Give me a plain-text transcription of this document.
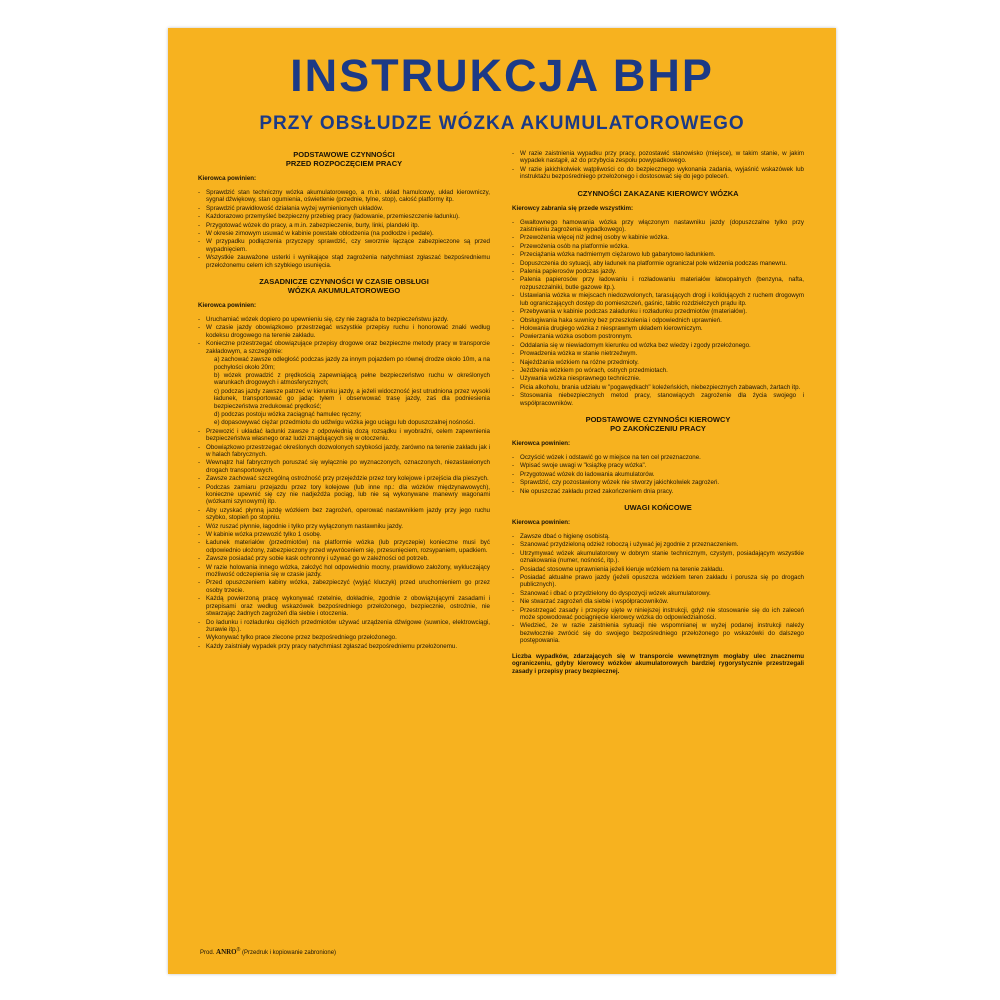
INSTRUKCJA BHP
PRZY OBSŁUDZE WÓZKA AKUMULATOROWEGO
PODSTAWOWE CZYNNOŚCI
PRZED ROZPOCZĘCIEM PRACY
Kierowca powinien:
- Sprawdzić stan techniczny wózka akumulatorowego, a m.in. układ hamulcowy, układ kierowniczy, sygnał dźwiękowy, stan ogumienia, oświetlenie (przednie, tylne, stop), całość platformy itp.
- Sprawdzić prawidłowość działania wyżej wymienionych układów.
- Każdorazowo przemyśleć bezpieczny przebieg pracy (ładowanie, przemieszczenie ładunku).
- Przygotować wózek do pracy, a m.in. zabezpieczenie, burty, linki, plandeki itp.
- W okresie zimowym usuwać w kabinie powstałe oblodzenia (na podłodze i pedale).
- W przypadku podłączenia przyczepy sprawdzić, czy sworznie łączące zabezpieczone są przed wypadnięciem.
- Wszystkie zauważone usterki i wynikające stąd zagrożenia natychmiast zgłaszać bezpośredniemu przełożonemu celem ich szybkiego usunięcia.
ZASADNICZE CZYNNOŚCI W CZASIE OBSŁUGI
WÓZKA AKUMULATOROWEGO
Kierowca powinien:
- Uruchamiać wózek dopiero po upewnieniu się, czy nie zagraża to bezpieczeństwu jazdy.
- W czasie jazdy obowiązkowo przestrzegać wszystkie przepisy ruchu i honorować znaki według kodeksu drogowego na terenie zakładu.
- Konieczne przestrzegać obowiązujące przepisy drogowe oraz bezpieczne metody pracy w transporcie zakładowym, a szczególnie:
a) zachować zawsze odległość podczas jazdy za innym pojazdem po równej drodze około 10m, a na pochyłości około 20m;
b) wózek prowadzić z prędkością zapewniającą pełne bezpieczeństwo ruchu w określonych warunkach drogowych i atmosferycznych;
c) podczas jazdy zawsze patrzeć w kierunku jazdy, a jeżeli widoczność jest utrudniona przez wysoki ładunek, transportować go jadąc tyłem i obserwować trasę jazdy, zaś dla podniesienia bezpieczeństwa zredukować prędkość;
d) podczas postoju wózka zaciągnąć hamulec ręczny;
e) dopasowywać ciężar przedmiotu do udźwigu wózka jego uciągu lub dopuszczalnej nośności.
- Przewozić i układać ładunki zawsze z odpowiednią dozą rozsądku i wyobraźni, celem zapewnienia bezpieczeństwa własnego oraz ludzi znajdujących się w otoczeniu.
- Obowiązkowo przestrzegać określonych dozwolonych szybkości jazdy, zarówno na terenie zakładu jak i w halach fabrycznych.
- Wewnątrz hal fabrycznych poruszać się wyłącznie po wyznaczonych, oznaczonych, niezastawionych drogach transportowych.
- Zawsze zachować szczególną ostrożność przy przejeździe przez tory kolejowe i przejścia dla pieszych.
- Podczas zamiaru przejazdu przez tory kolejowe (lub inne np.: dla wózków międzynawowych), konieczne upewnić się czy nie nadjeżdża pociąg, lub nie są wykonywane manewry wagonami (wózkami szynowymi) itp.
- Aby uzyskać płynną jazdę wózkiem bez zagrożeń, operować nastawnikiem jazdy przy jego ruchu szybko, stopień po stopniu.
- Wóz ruszać płynnie, łagodnie i tylko przy wyłączonym nastawniku jazdy.
- W kabinie wózka przewozić tylko 1 osobę.
- Ładunek materiałów (przedmiotów) na platformie wózka (lub przyczepie) konieczne musi być odpowiednio ułożony, zabezpieczony przed wywróceniem się, przesunięciem, rozsypaniem, upadkiem.
- Zawsze posiadać przy sobie kask ochronny i używać go w zależności od potrzeb.
- W razie holowania innego wózka, założyć hol odpowiednio mocny, prawidłowo założony, wykluczający możliwość odczepienia się w czasie jazdy.
- Przed opuszczeniem kabiny wózka, zabezpieczyć (wyjąć kluczyk) przed uruchomieniem go przez osoby trzecie.
- Każdą powierzoną pracę wykonywać rzetelnie, dokładnie, zgodnie z obowiązującymi zasadami i przepisami oraz według wskazówek bezpośredniego przełożonego, bezpiecznie, ostrożnie, nie stwarzając żadnych zagrożeń dla siebie i otoczenia.
- Do ładunku i rozładunku ciężkich przedmiotów używać urządzenia dźwigowe (suwnice, elektrowciągi, żurawie itp.).
- Wykonywać tylko prace zlecone przez bezpośredniego przełożonego.
- Każdy zaistniały wypadek przy pracy natychmiast zgłaszać bezpośredniemu przełożonemu.
- W razie zaistnienia wypadku przy pracy, pozostawić stanowisko (miejsce), w takim stanie, w jakim wypadek nastąpił, aż do przybycia zespołu powypadkowego.
- W razie jakichkolwiek wątpliwości co do bezpiecznego wykonania zadania, wyjaśnić wskazówek lub instruktażu bezpośredniego przełożonego i dostosować się do jego poleceń.
CZYNNOŚCI ZAKAZANE KIEROWCY WÓZKA
Kierowcy zabrania się przede wszystkim:
- Gwałtownego hamowania wózka przy włączonym nastawniku jazdy (dopuszczalne tylko przy zaistnieniu zagrożenia wypadkowego).
- Przewożenia więcej niż jednej osoby w kabinie wózka.
- Przewożenia osób na platformie wózka.
- Przeciążania wózka nadmiernym ciężarowo lub gabarytowo ładunkiem.
- Dopuszczenia do sytuacji, aby ładunek na platformie ograniczał pole widzenia podczas manewru.
- Palenia papierosów podczas jazdy.
- Palenia papierosów przy ładowaniu i rozładowaniu materiałów łatwopalnych (benzyna, nafta, rozpuszczalniki, butle gazowe itp.).
- Ustawiania wózka w miejscach niedozwolonych, tarasujących drogi i kolidujących z ruchem drogowym lub ograniczających dostęp do pomieszczeń, gaśnic, tablic rozdzielczych prądu itp.
- Przebywania w kabinie podczas załadunku i rozładunku przedmiotów (materiałów).
- Obsługiwania haka suwnicy bez przeszkolenia i odpowiednich uprawnień.
- Holowania drugiego wózka z niesprawnym układem kierowniczym.
- Powierzania wózka osobom postronnym.
- Oddalania się w niewiadomym kierunku od wózka bez wiedzy i zgody przełożonego.
- Prowadzenia wózka w stanie nietrzeźwym.
- Najeżdżania wózkiem na różne przedmioty.
- Jeżdżenia wózkiem po wórach, ostrych przedmiotach.
- Używania wózka niesprawnego technicznie.
- Picia alkoholu, brania udziału w "pogawędkach" koleżeńskich, niebezpiecznych zabawach, żartach itp.
- Stosowania niebezpiecznych metod pracy, stanowiących zagrożenie dla życia swojego i współpracowników.
PODSTAWOWE CZYNNOŚCI KIEROWCY
PO ZAKOŃCZENIU PRACY
Kierowca powinien:
- Oczyścić wózek i odstawić go w miejsce na ten cel przeznaczone.
- Wpisać swoje uwagi w "książkę pracy wózka".
- Przygotować wózek do ładowania akumulatorów.
- Sprawdzić, czy pozostawiony wózek nie stworzy jakichkolwiek zagrożeń.
- Nie opuszczać zakładu przed zakończeniem dnia pracy.
UWAGI KOŃCOWE
Kierowca powinien:
- Zawsze dbać o higienę osobistą.
- Szanować przydzieloną odzież roboczą i używać jej zgodnie z przeznaczeniem.
- Utrzymywać wózek akumulatorowy w dobrym stanie technicznym, czystym, posiadającym wszystkie oznakowania (numer, nośność, itp.).
- Posiadać stosowne uprawnienia jeżeli kieruje wózkiem na terenie zakładu.
- Posiadać aktualne prawo jazdy (jeżeli opuszcza wózkiem teren zakładu i porusza się po drogach publicznych).
- Szanować i dbać o przydzielony do dyspozycji wózek akumulatorowy.
- Nie stwarzać zagrożeń dla siebie i współpracowników.
- Przestrzegać zasady i przepisy ujęte w niniejszej instrukcji, gdyż nie stosowanie się do ich zaleceń może spowodować pociągnięcie kierowcy wózka do odpowiedzialności.
- Wiedzieć, że w razie zaistnienia sytuacji nie wspomnianej w wyżej podanej instrukcji należy bezwłocznie zwrócić się do swojego bezpośredniego przełożonego po wskazówki do dalszego postępowania.
Liczba wypadków, zdarzających się w transporcie wewnętrznym mogłaby ulec znacznemu ograniczeniu, gdyby kierowcy wózków akumulatorowych bardziej rygorystycznie przestrzegali zasady i przepisy pracy bezpiecznej.
Prod. ANRO® (Przedruk i kopiowanie zabronione)
